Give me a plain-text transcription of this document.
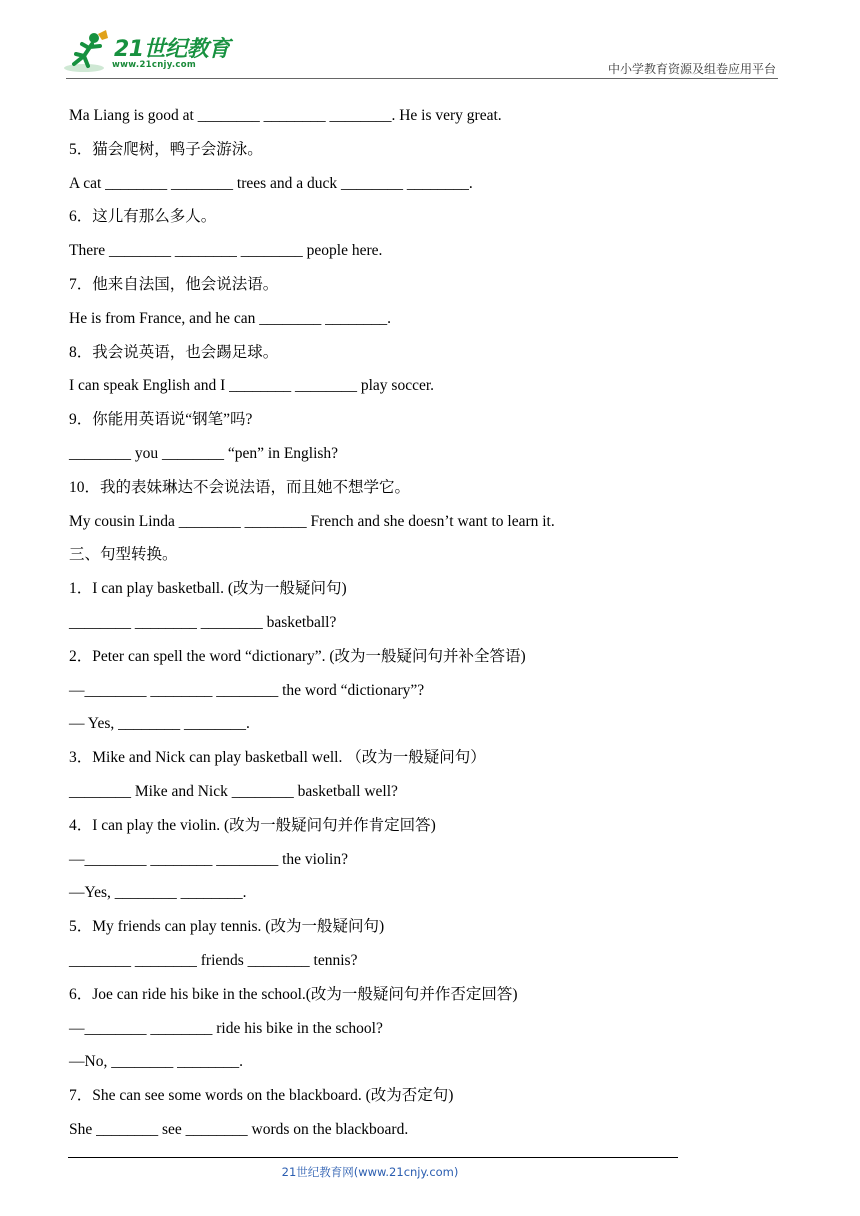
21世纪教育
www.21cnjy.com	中小学教育资源及组卷应用平台
Ma Liang is good at ________ ________ ________. He is very great.
5．猫会爬树，鸭子会游泳。
A cat ________ ________ trees and a duck ________ ________.
6．这儿有那么多人。
There ________ ________ ________ people here.
7．他来自法国，他会说法语。
He is from France, and he can ________ ________.
8．我会说英语，也会踢足球。
I can speak English and I ________ ________ play soccer.
9．你能用英语说“钢笔”吗?
________ you ________ “pen” in English?
10．我的表妹琳达不会说法语，而且她不想学它。
My cousin Linda ________ ________ French and she doesn’t want to learn it.
三、句型转换。
1．I can play basketball. (改为一般疑问句)
________ ________ ________ basketball?
2．Peter can spell the word “dictionary”. (改为一般疑问句并补全答语)
—________ ________ ________ the word “dictionary”?
— Yes, ________ ________.
3．Mike and Nick can play basketball well. （改为一般疑问句）
________ Mike and Nick ________ basketball well?
4．I can play the violin. (改为一般疑问句并作肯定回答)
—________ ________ ________ the violin?
—Yes, ________ ________.
5．My friends can play tennis. (改为一般疑问句)
________ ________ friends ________ tennis?
6．Joe can ride his bike in the school.(改为一般疑问句并作否定回答)
—________ ________ ride his bike in the school?
—No, ________ ________.
7．She can see some words on the blackboard. (改为否定句)
She ________ see ________ words on the blackboard.
21世纪教育网(www.21cnjy.com)
